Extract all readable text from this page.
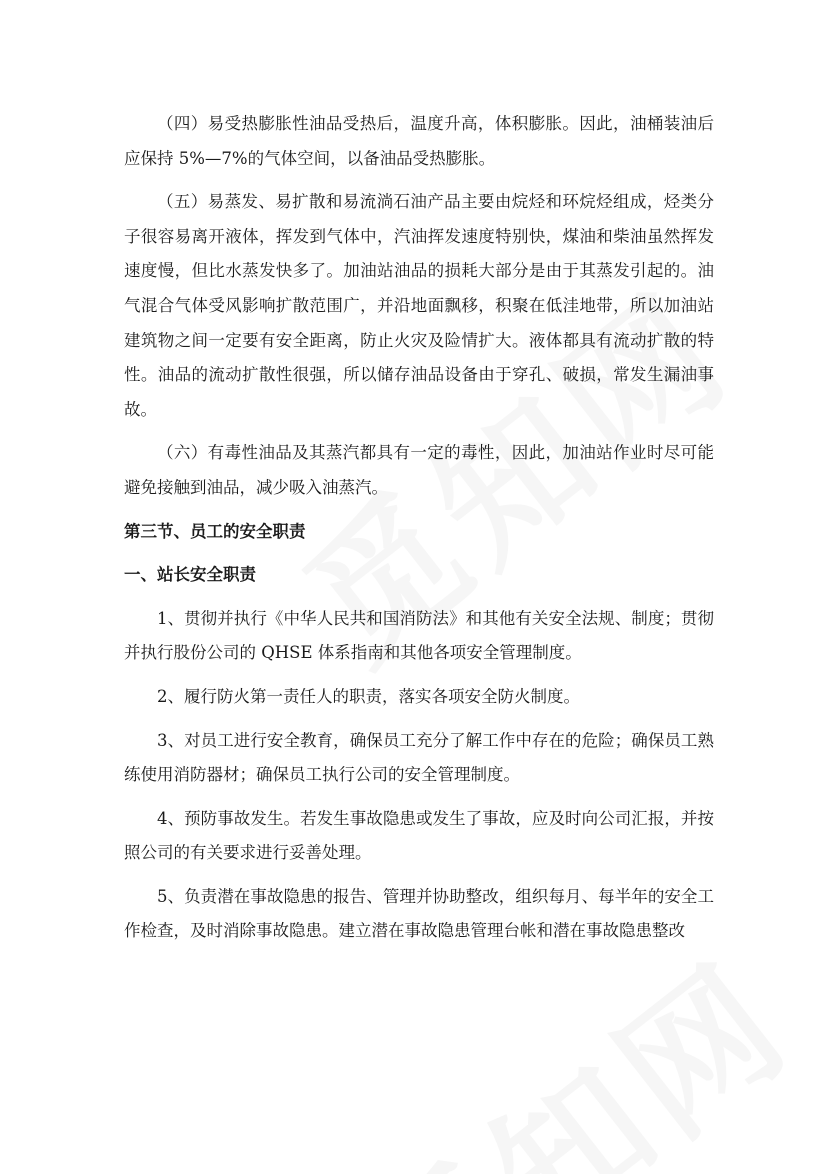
（四）易受热膨胀性油品受热后，温度升高，体积膨胀。因此，油桶装油后应保持 5%—7%的气体空间，以备油品受热膨胀。

（五）易蒸发、易扩散和易流淌石油产品主要由烷烃和环烷烃组成，烃类分子很容易离开液体，挥发到气体中，汽油挥发速度特别快，煤油和柴油虽然挥发速度慢，但比水蒸发快多了。加油站油品的损耗大部分是由于其蒸发引起的。油气混合气体受风影响扩散范围广，并沿地面飘移，积聚在低洼地带，所以加油站建筑物之间一定要有安全距离，防止火灾及险情扩大。液体都具有流动扩散的特性。油品的流动扩散性很强，所以储存油品设备由于穿孔、破损，常发生漏油事故。

（六）有毒性油品及其蒸汽都具有一定的毒性，因此，加油站作业时尽可能避免接触到油品，减少吸入油蒸汽。

第三节、员工的安全职责
一、站长安全职责

1、贯彻并执行《中华人民共和国消防法》和其他有关安全法规、制度；贯彻并执行股份公司的 QHSE 体系指南和其他各项安全管理制度。

2、履行防火第一责任人的职责，落实各项安全防火制度。

3、对员工进行安全教育，确保员工充分了解工作中存在的危险；确保员工熟练使用消防器材；确保员工执行公司的安全管理制度。

4、预防事故发生。若发生事故隐患或发生了事故，应及时向公司汇报，并按照公司的有关要求进行妥善处理。

5、负责潜在事故隐患的报告、管理并协助整改，组织每月、每半年的安全工作检查，及时消除事故隐患。建立潜在事故隐患管理台帐和潜在事故隐患整改
